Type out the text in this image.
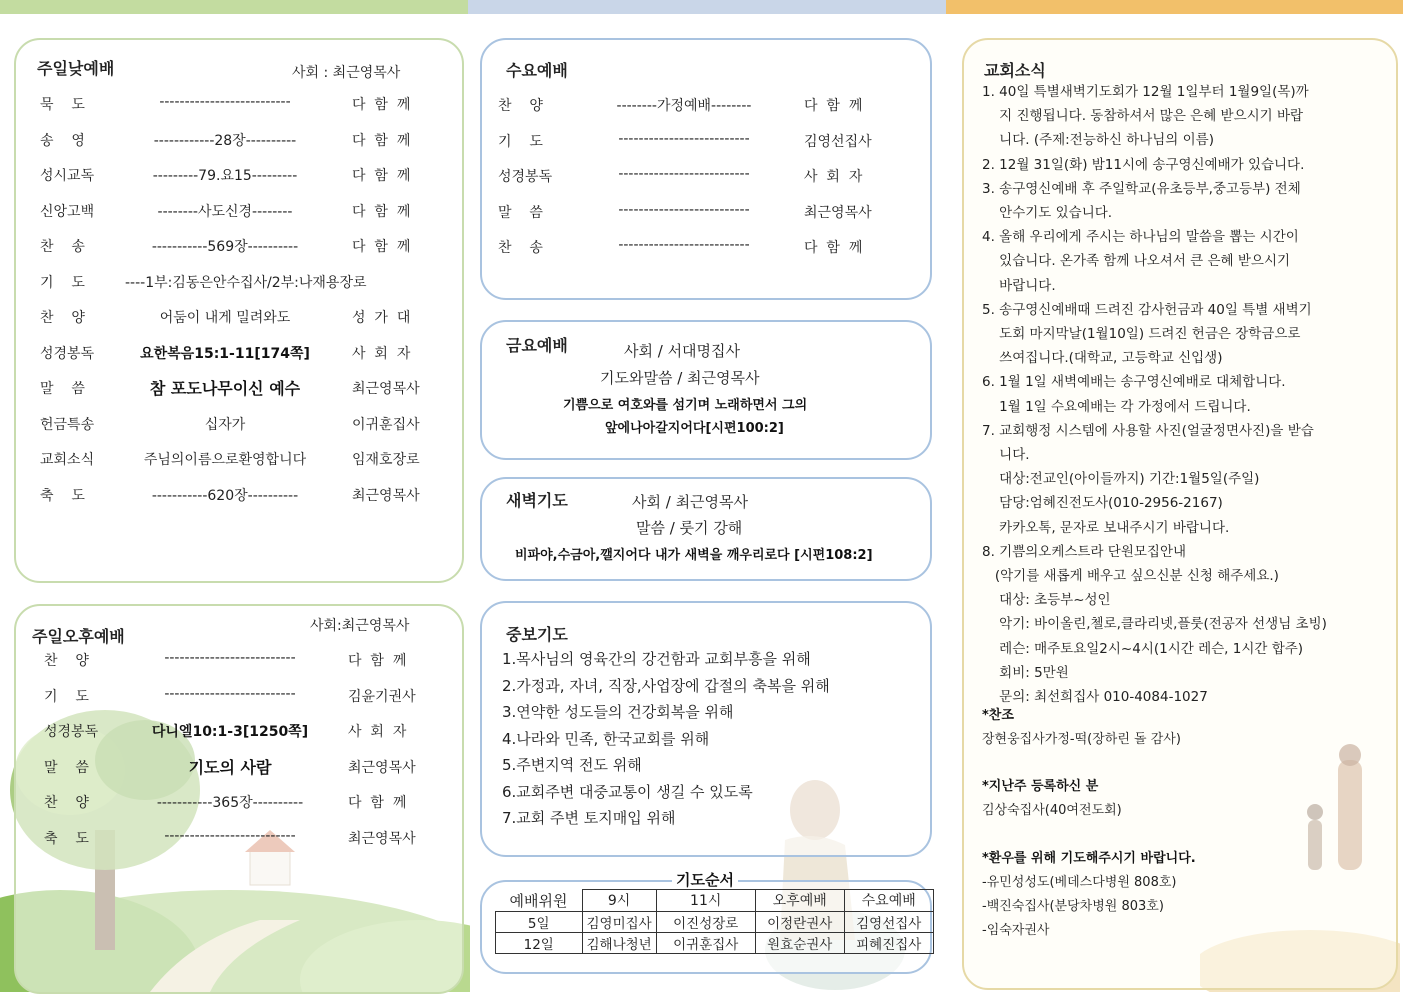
주일낮예배	사회 : 최근영목사
묵    도	--------------------------	다  함  께
송    영	------------28장----------	다  함  께
성시교독	---------79.요15---------	다  함  께
신앙고백	--------사도신경--------	다  함  께
찬    송	-----------569장----------	다  함  께
기    도	----1부:김동은안수집사/2부:나재용장로
찬    양	어둠이 내게 밀려와도	성  가  대
성경봉독	요한복음15:1-11[174쪽]	사  회  자
말    씀	참 포도나무이신 예수	최근영목사
헌금특송	십자가	이귀훈집사
교회소식	주님의이름으로환영합니다	임재호장로
축    도	-----------620장----------	최근영목사
주일오후예배
사회:최근영목사
찬    양	--------------------------	다  함  께
기    도	--------------------------	김윤기권사
성경봉독	다니엘10:1-3[1250쪽]	사  회  자
말    씀	기도의 사람	최근영목사
찬    양	-----------365장----------	다  함  께
축    도	--------------------------	최근영목사
수요예배
찬    양	--------가정예배--------	다  함  께
기    도	--------------------------	김영선집사
성경봉독	--------------------------	사  회  자
말    씀	--------------------------	최근영목사
찬    송	--------------------------	다  함  께
금요예배	사회 / 서대명집사
기도와말씀 / 최근영목사
기쁨으로 여호와를 섬기며 노래하면서 그의
앞에나아갈지어다[시편100:2]
새벽기도	사회 / 최근영목사
말씀 / 룻기 강해
비파야,수금아,깰지어다 내가 새벽을 깨우리로다 [시편108:2]
중보기도
1.목사님의 영육간의 강건함과 교회부흥을 위해
2.가정과, 자녀, 직장,사업장에 갑절의 축복을 위해
3.연약한 성도들의 건강회복을 위해
4.나라와 민족, 한국교회를 위해
5.주변지역 전도 위해
6.교회주변 대중교통이 생길 수 있도록
7.교회 주변 토지매입 위해
기도순서
예배위원	9시	11시	오후예배	수요예배
5일	김영미집사	이진성장로	이정란권사	김영선집사
12일	김해나청년	이귀훈집사	원효순권사	피혜진집사
교회소식
1. 40일 특별새벽기도회가 12월 1일부터 1월9일(목)까
지 진행됩니다. 동참하셔서 많은 은혜 받으시기 바랍
니다. (주제:전능하신 하나님의 이름)
2. 12월 31일(화) 밤11시에 송구영신예배가 있습니다.
3. 송구영신예배 후 주일학교(유초등부,중고등부) 전체
안수기도 있습니다.
4. 올해 우리에게 주시는 하나님의 말씀을 뽑는 시간이
있습니다. 온가족 함께 나오셔서 큰 은혜 받으시기
바랍니다.
5. 송구영신예배때 드려진 감사헌금과 40일 특별 새벽기
도회 마지막날(1월10일) 드려진 헌금은 장학금으로
쓰여집니다.(대학교, 고등학교 신입생)
6. 1월 1일 새벽예배는 송구영신예배로 대체합니다.
1월 1일 수요예배는 각 가정에서 드립니다.
7. 교회행정 시스템에 사용할 사진(얼굴정면사진)을 받습
니다.
대상:전교인(아이들까지) 기간:1월5일(주일)
담당:엄혜진전도사(010-2956-2167)
카카오톡, 문자로 보내주시기 바랍니다.
8. 기쁨의오케스트라 단원모집안내
(악기를 새롭게 배우고 싶으신분 신청 해주세요.)
대상: 초등부~성인
악기: 바이올린,첼로,클라리넷,플룻(전공자 선생님 초빙)
레슨: 매주토요일2시~4시(1시간 레슨, 1시간 합주)
회비: 5만원
문의: 최선희집사 010-4084-1027
*찬조
장현웅집사가정-떡(장하린 돌 감사)
*지난주 등록하신 분
김상숙집사(40여전도회)
*환우를 위해 기도해주시기 바랍니다.
-유민성성도(베데스다병원 808호)
-백진숙집사(분당차병원 803호)
-임숙자권사
